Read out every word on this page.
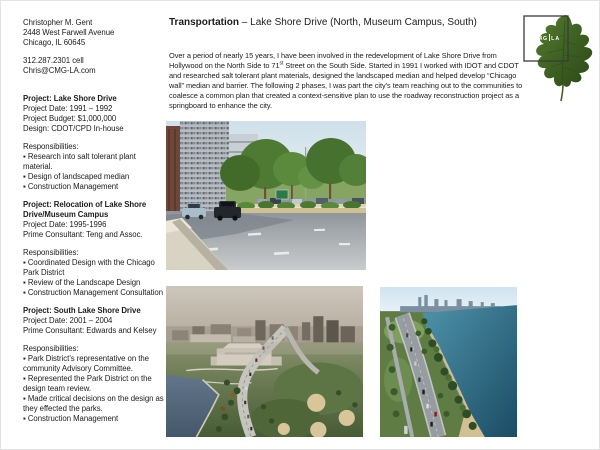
Christopher M. Gent
2448 West Farwell Avenue
Chicago, IL 60645
312.287.2301 cell
Chris@CMG-LA.com
Project: Lake Shore Drive
Project Date: 1991 – 1992
Project Budget: $1,000,000
Design: CDOT/CPD In-house
Responsibilities:
▪ Research into salt tolerant plant material.
▪ Design of landscaped median
▪ Construction Management
Project: Relocation of Lake Shore Drive/Museum Campus
Project Date: 1995-1996
Prime Consultant: Teng and Assoc.
Responsibilities:
▪ Coordinated Design with the Chicago Park District
▪ Review of the Landscape Design
▪ Construction Management Consultation
Project: South Lake Shore Drive
Project Date: 2001 – 2004
Prime Consultant: Edwards and Kelsey
Responsibilities:
▪ Park District’s representative on the community Advisory Committee.
▪ Represented the Park District on the design team review.
▪ Made critical decisions on the design as they effected the parks.
▪ Construction Management
Transportation – Lake Shore Drive (North, Museum Campus, South)
Over a period of nearly 15 years, I have been involved in the redevelopment of Lake Shore Drive from Hollywood on the North Side to 71st Street on the South Side. Started in 1991 I worked with IDOT and CDOT and researched salt tolerant plant materials, designed the landscaped median and helped develop “Chicago wall” median and barrier. The following 2 phases, I was part the city’s team reaching out to the communities to coalesce a common plan that created a context-sensitive plan to use the roadway reconstruction project as a springboard to enhance the city.
CMG LA
